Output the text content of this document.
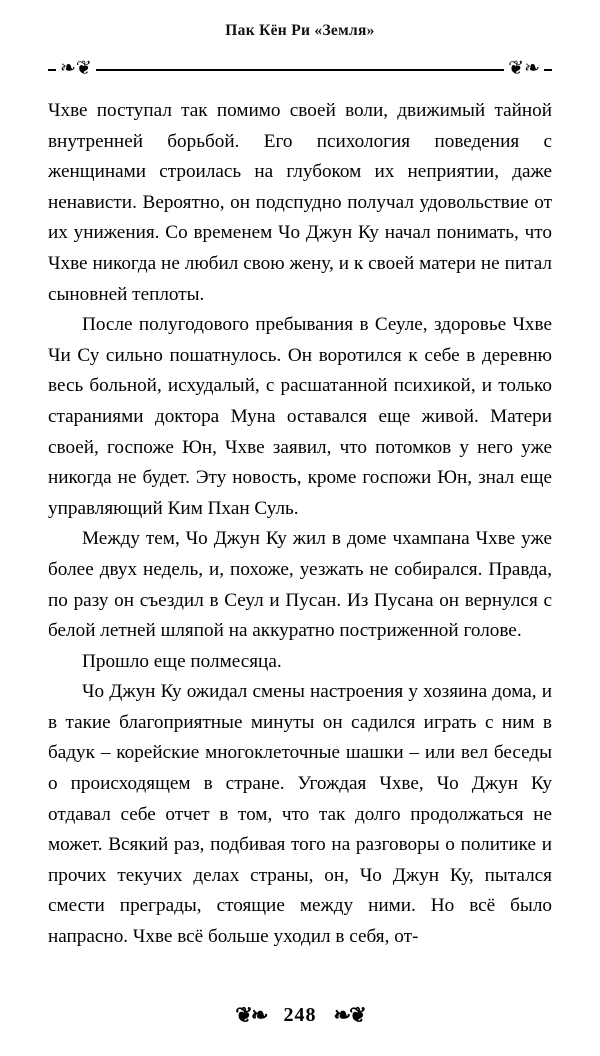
Пак Кён Ри «Земля»
❧❦	❦❧

Чхве поступал так помимо своей воли, движимый тайной внутренней борьбой. Его психология поведения с женщинами строилась на глубоком их неприятии, даже ненависти. Вероятно, он подспудно получал удовольствие от их унижения. Со временем Чо Джун Ку начал понимать, что Чхве никогда не любил свою жену, и к своей матери не питал сыновней теплоты.

После полугодового пребывания в Сеуле, здоровье Чхве Чи Су сильно пошатнулось. Он воротился к себе в деревню весь больной, исхудалый, с расшатанной психикой, и только стараниями доктора Муна оставался еще живой. Матери своей, госпоже Юн, Чхве заявил, что потомков у него уже никогда не будет. Эту новость, кроме госпожи Юн, знал еще управляющий Ким Пхан Суль.

Между тем, Чо Джун Ку жил в доме чхампана Чхве уже более двух недель, и, похоже, уезжать не собирался. Правда, по разу он съездил в Сеул и Пусан. Из Пусана он вернулся с белой летней шляпой на аккуратно постриженной голове.

Прошло еще полмесяца.

Чо Джун Ку ожидал смены настроения у хозяина дома, и в такие благоприятные минуты он садился играть с ним в бадук – корейские многоклеточные шашки – или вел беседы о происходящем в стране. Угождая Чхве, Чо Джун Ку отдавал себе отчет в том, что так долго продолжаться не может. Всякий раз, подбивая того на разговоры о политике и прочих текучих делах страны, он, Чо Джун Ку, пытался смести преграды, стоящие между ними. Но всё было напрасно. Чхве всё больше уходил в себя, от-

❦❧ 248 ❧❦
